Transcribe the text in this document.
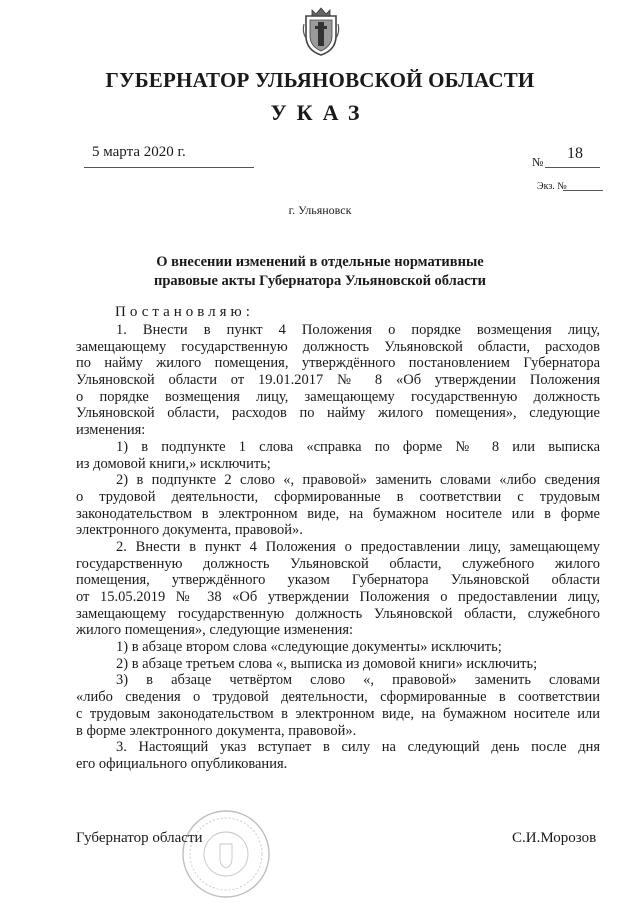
ГУБЕРНАТОР УЛЬЯНОВСКОЙ ОБЛАСТИ
УКАЗ
5 марта 2020 г.
№ 18
Экз. №
г. Ульяновск
О внесении изменений в отдельные нормативные
правовые акты Губернатора Ульяновской области
Постановляю:
1. Внести в пункт 4 Положения о порядке возмещения лицу,
замещающему государственную должность Ульяновской области, расходов
по найму жилого помещения, утверждённого постановлением Губернатора
Ульяновской области от 19.01.2017 № 8 «Об утверждении Положения
о порядке возмещения лицу, замещающему государственную должность
Ульяновской области, расходов по найму жилого помещения», следующие
изменения:
1) в подпункте 1 слова «справка по форме № 8 или выписка
из домовой книги,» исключить;
2) в подпункте 2 слово «, правовой» заменить словами «либо сведения
о трудовой деятельности, сформированные в соответствии с трудовым
законодательством в электронном виде, на бумажном носителе или в форме
электронного документа, правовой».
2. Внести в пункт 4 Положения о предоставлении лицу, замещающему
государственную должность Ульяновской области, служебного жилого
помещения, утверждённого указом Губернатора Ульяновской области
от 15.05.2019 № 38 «Об утверждении Положения о предоставлении лицу,
замещающему государственную должность Ульяновской области, служебного
жилого помещения», следующие изменения:
1) в абзаце втором слова «следующие документы» исключить;
2) в абзаце третьем слова «, выписка из домовой книги» исключить;
3) в абзаце четвёртом слово «, правовой» заменить словами
«либо сведения о трудовой деятельности, сформированные в соответствии
с трудовым законодательством в электронном виде, на бумажном носителе или
в форме электронного документа, правовой».
3. Настоящий указ вступает в силу на следующий день после дня
его официального опубликования.
Губернатор области	С.И.Морозов
